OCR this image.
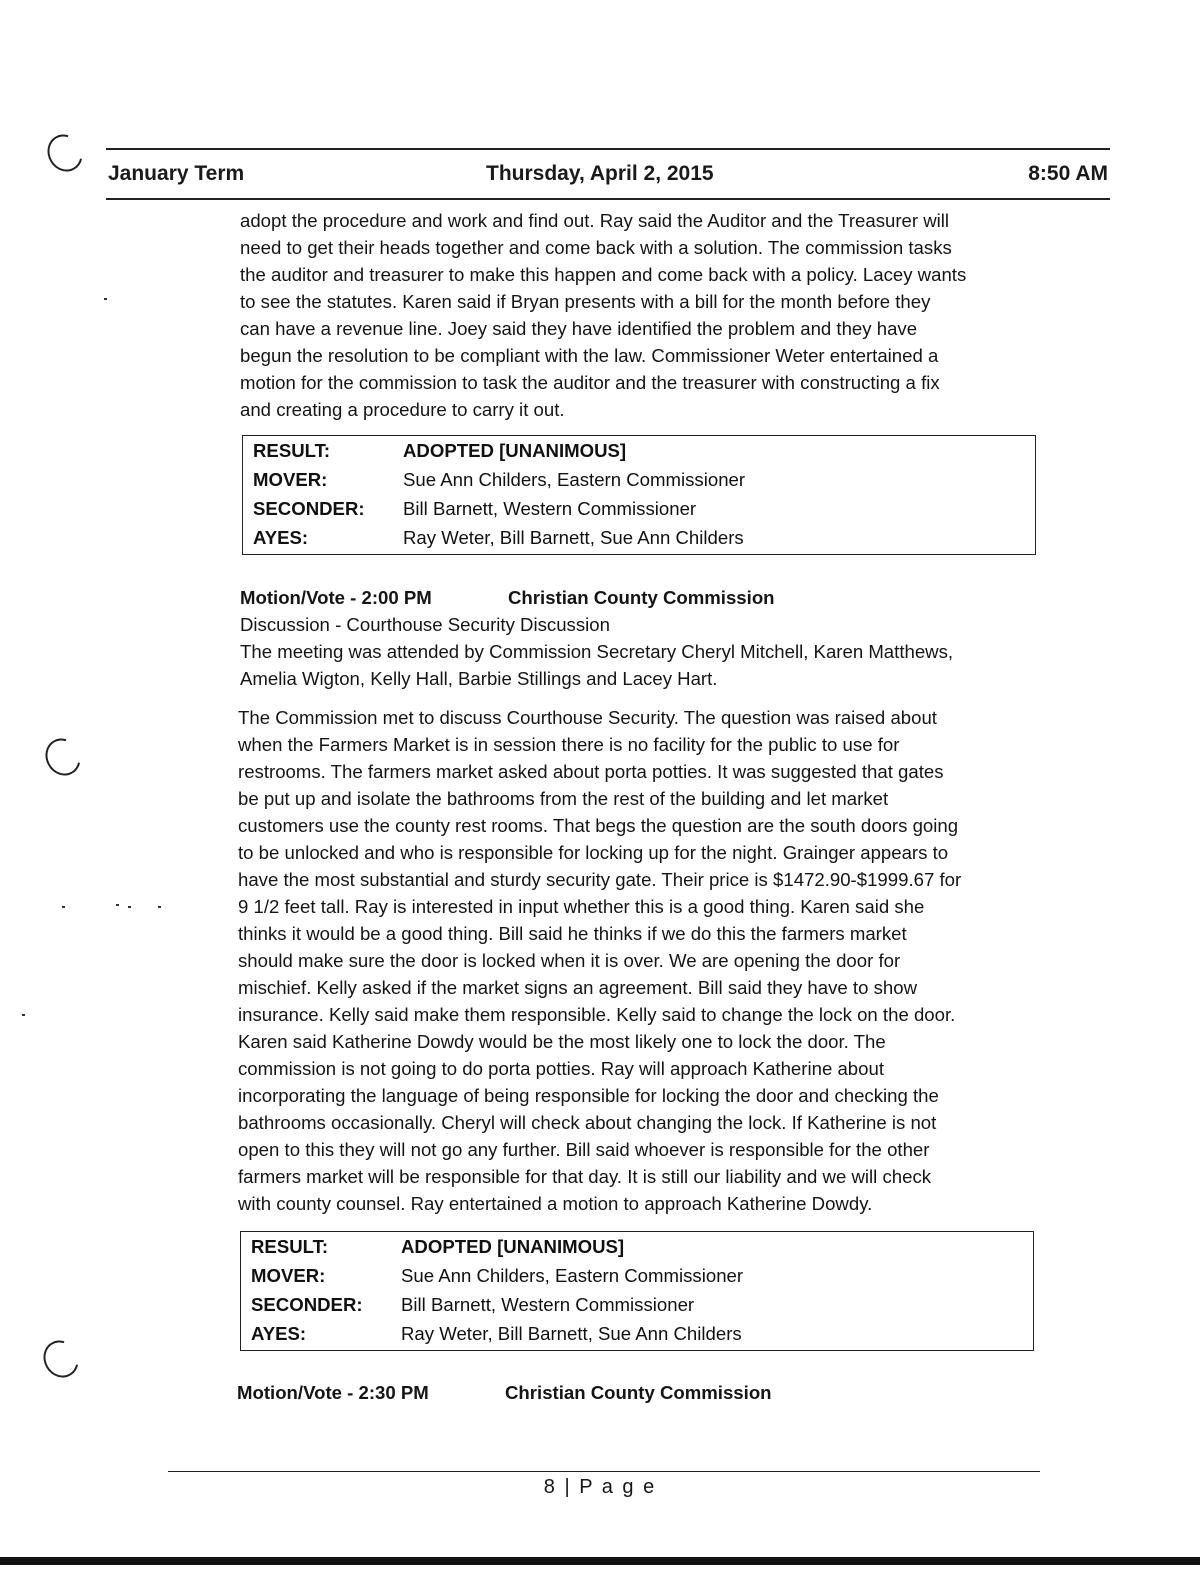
January Term	Thursday, April 2, 2015	8:50 AM
adopt the procedure and work and find out. Ray said the Auditor and the Treasurer will
need to get their heads together and come back with a solution. The commission tasks
the auditor and treasurer to make this happen and come back with a policy. Lacey wants
to see the statutes. Karen said if Bryan presents with a bill for the month before they
can have a revenue line. Joey said they have identified the problem and they have
begun the resolution to be compliant with the law. Commissioner Weter entertained a
motion for the commission to task the auditor and the treasurer with constructing a fix
and creating a procedure to carry it out.
RESULT:	ADOPTED [UNANIMOUS]
MOVER:	Sue Ann Childers, Eastern Commissioner
SECONDER: Bill Barnett, Western Commissioner
AYES:	Ray Weter, Bill Barnett, Sue Ann Childers
Motion/Vote - 2:00 PM	Christian County Commission
Discussion - Courthouse Security Discussion
The meeting was attended by Commission Secretary Cheryl Mitchell, Karen Matthews,
Amelia Wigton, Kelly Hall, Barbie Stillings and Lacey Hart.
The Commission met to discuss Courthouse Security. The question was raised about
when the Farmers Market is in session there is no facility for the public to use for
restrooms. The farmers market asked about porta potties. It was suggested that gates
be put up and isolate the bathrooms from the rest of the building and let market
customers use the county rest rooms. That begs the question are the south doors going
to be unlocked and who is responsible for locking up for the night. Grainger appears to
have the most substantial and sturdy security gate. Their price is $1472.90-$1999.67 for
9 1/2 feet tall. Ray is interested in input whether this is a good thing. Karen said she
thinks it would be a good thing. Bill said he thinks if we do this the farmers market
should make sure the door is locked when it is over. We are opening the door for
mischief. Kelly asked if the market signs an agreement. Bill said they have to show
insurance. Kelly said make them responsible. Kelly said to change the lock on the door.
Karen said Katherine Dowdy would be the most likely one to lock the door. The
commission is not going to do porta potties. Ray will approach Katherine about
incorporating the language of being responsible for locking the door and checking the
bathrooms occasionally. Cheryl will check about changing the lock. If Katherine is not
open to this they will not go any further. Bill said whoever is responsible for the other
farmers market will be responsible for that day. It is still our liability and we will check
with county counsel. Ray entertained a motion to approach Katherine Dowdy.
RESULT:	ADOPTED [UNANIMOUS]
MOVER:	Sue Ann Childers, Eastern Commissioner
SECONDER: Bill Barnett, Western Commissioner
AYES:	Ray Weter, Bill Barnett, Sue Ann Childers
Motion/Vote - 2:30 PM	Christian County Commission
8 | P a g e
